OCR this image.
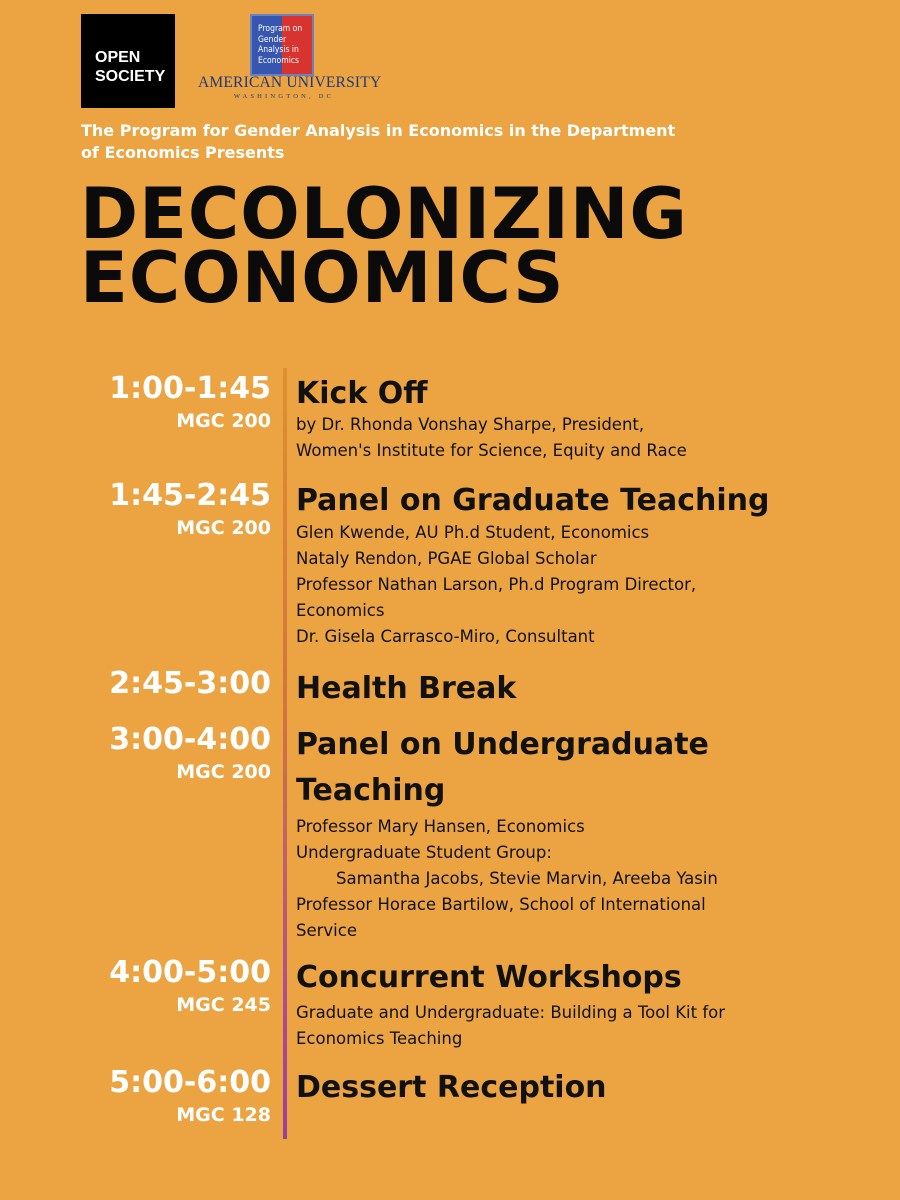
OPEN
SOCIETY
Program on
Gender
Analysis in
Economics
AMERICAN UNIVERSITY
WASHINGTON, DC
The Program for Gender Analysis in Economics in the Department of Economics Presents
DECOLONIZING
ECONOMICS
1:00-1:45
MGC 200
Kick Off
by Dr. Rhonda Vonshay Sharpe, President,
Women's Institute for Science, Equity and Race
1:45-2:45
MGC 200
Panel on Graduate Teaching
Glen Kwende, AU Ph.d Student, Economics
Nataly Rendon, PGAE Global Scholar
Professor Nathan Larson, Ph.d Program Director,
Economics
Dr. Gisela Carrasco-Miro, Consultant
2:45-3:00 Health Break
3:00-4:00
MGC 200
Panel on Undergraduate Teaching
Professor Mary Hansen, Economics
Undergraduate Student Group:
Samantha Jacobs, Stevie Marvin, Areeba Yasin
Professor Horace Bartilow, School of International
Service
4:00-5:00
MGC 245
Concurrent Workshops
Graduate and Undergraduate: Building a Tool Kit for
Economics Teaching
5:00-6:00
MGC 128
Dessert Reception
